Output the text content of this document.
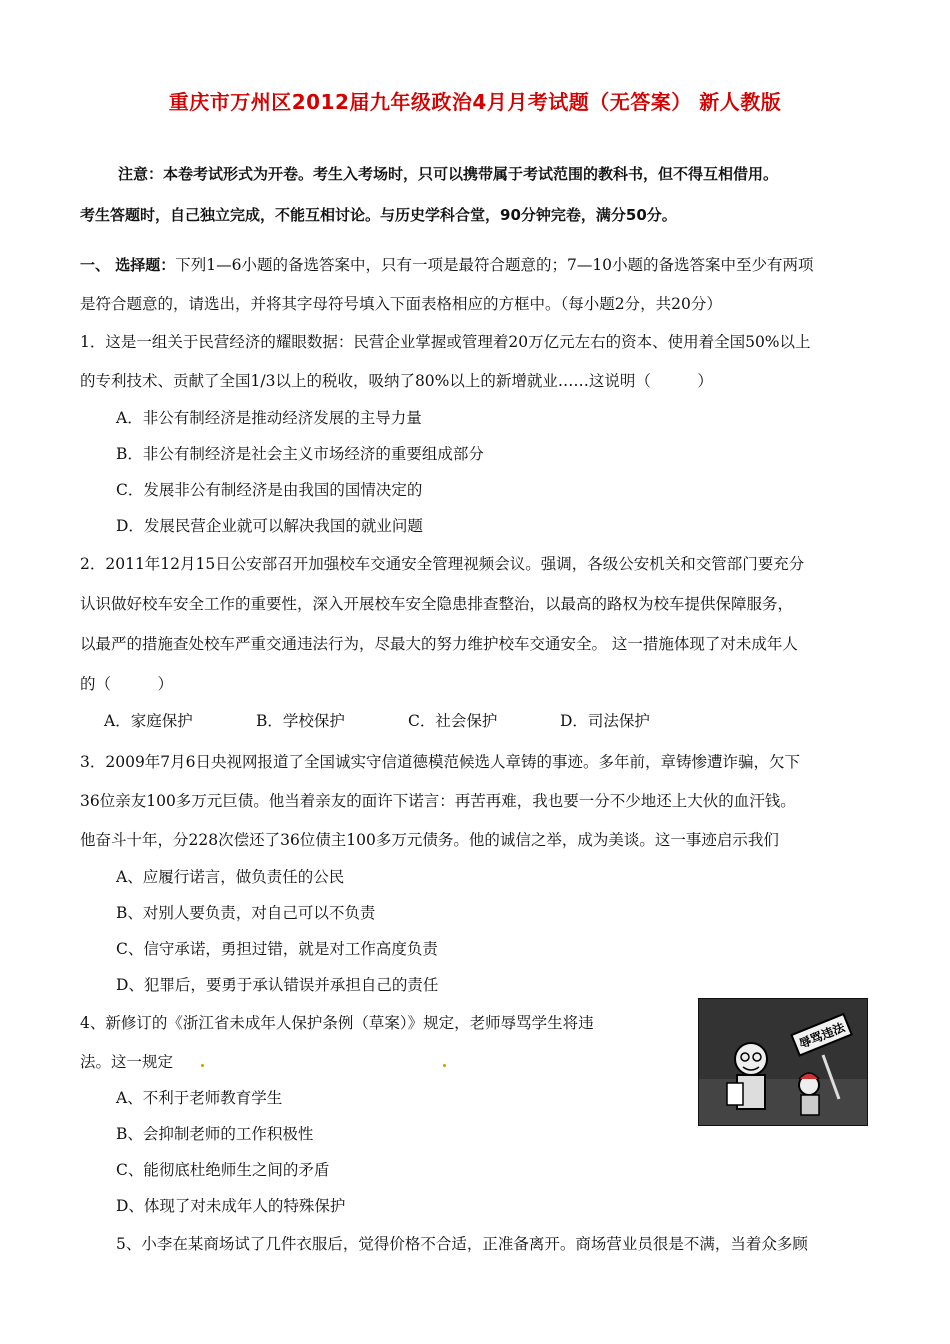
重庆市万州区2012届九年级政治4月月考试题（无答案） 新人教版
注意：本卷考试形式为开卷。考生入考场时，只可以携带属于考试范围的教科书，但不得互相借用。
考生答题时，自己独立完成，不能互相讨论。与历史学科合堂，90分钟完卷，满分50分。
一、 选择题：下列1—6小题的备选答案中，只有一项是最符合题意的；7—10小题的备选答案中至少有两项
是符合题意的，请选出，并将其字母符号填入下面表格相应的方框中。（每小题2分，共20分）
1．这是一组关于民营经济的耀眼数据：民营企业掌握或管理着20万亿元左右的资本、使用着全国50%以上
的专利技术、贡献了全国1/3以上的税收，吸纳了80%以上的新增就业……这说明（　　　）
A．非公有制经济是推动经济发展的主导力量
B．非公有制经济是社会主义市场经济的重要组成部分
C．发展非公有制经济是由我国的国情决定的
D．发展民营企业就可以解决我国的就业问题
2．2011年12月15日公安部召开加强校车交通安全管理视频会议。强调，各级公安机关和交管部门要充分
认识做好校车安全工作的重要性，深入开展校车安全隐患排查整治，以最高的路权为校车提供保障服务，
以最严的措施查处校车严重交通违法行为，尽最大的努力维护校车交通安全。 这一措施体现了对未成年人
的（　　　）
A．家庭保护	B．学校保护	C．社会保护	D．司法保护
3．2009年7月6日央视网报道了全国诚实守信道德模范候选人章铸的事迹。多年前，章铸惨遭诈骗，欠下
36位亲友100多万元巨债。他当着亲友的面许下诺言：再苦再难，我也要一分不少地还上大伙的血汗钱。
他奋斗十年，分228次偿还了36位债主100多万元债务。他的诚信之举，成为美谈。这一事迹启示我们
A、应履行诺言，做负责任的公民
B、对别人要负责，对自己可以不负责
C、信守承诺，勇担过错，就是对工作高度负责
D、犯罪后，要勇于承认错误并承担自己的责任
4、新修订的《浙江省未成年人保护条例（草案）》规定，老师辱骂学生将违
法。这一规定
A、不利于老师教育学生
B、会抑制老师的工作积极性
C、能彻底杜绝师生之间的矛盾
D、体现了对未成年人的特殊保护
5、小李在某商场试了几件衣服后，觉得价格不合适，正准备离开。商场营业员很是不满，当着众多顾
辱骂违法
